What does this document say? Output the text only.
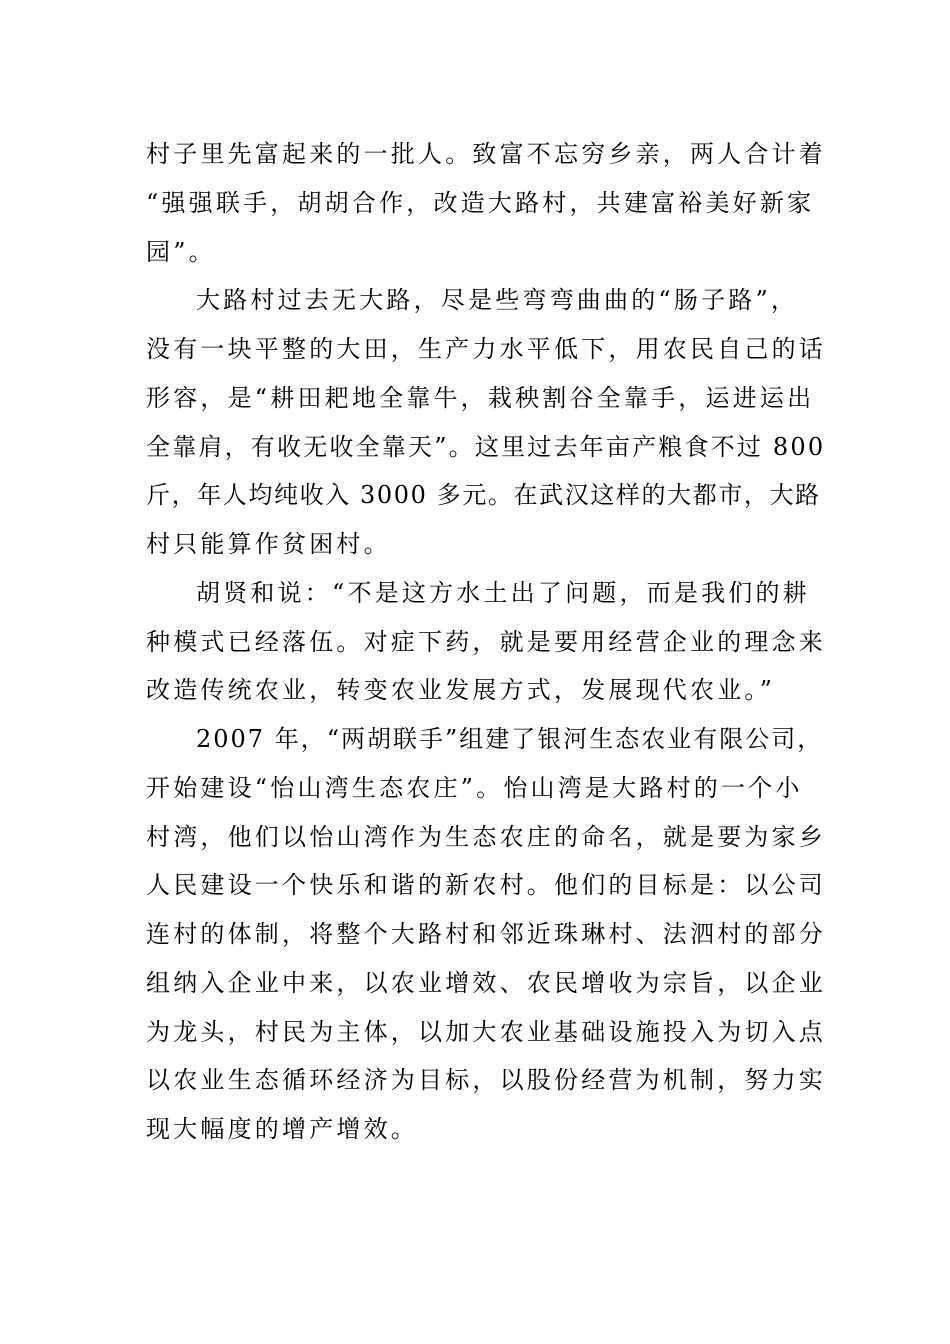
村子里先富起来的一批人。致富不忘穷乡亲，两人合计着
“强强联手，胡胡合作，改造大路村，共建富裕美好新家
园”。
大路村过去无大路，尽是些弯弯曲曲的“肠子路”，
没有一块平整的大田，生产力水平低下，用农民自己的话
形容，是“耕田耙地全靠牛，栽秧割谷全靠手，运进运出
全靠肩，有收无收全靠天”。这里过去年亩产粮食不过 800
斤，年人均纯收入 3000 多元。在武汉这样的大都市，大路
村只能算作贫困村。
胡贤和说：“不是这方水土出了问题，而是我们的耕
种模式已经落伍。对症下药，就是要用经营企业的理念来
改造传统农业，转变农业发展方式，发展现代农业。”
2007 年，“两胡联手”组建了银河生态农业有限公司，
开始建设“怡山湾生态农庄”。怡山湾是大路村的一个小
村湾，他们以怡山湾作为生态农庄的命名，就是要为家乡
人民建设一个快乐和谐的新农村。他们的目标是：以公司
连村的体制，将整个大路村和邻近珠琳村、法泗村的部分
组纳入企业中来，以农业增效、农民增收为宗旨，以企业
为龙头，村民为主体，以加大农业基础设施投入为切入点
以农业生态循环经济为目标，以股份经营为机制，努力实
现大幅度的增产增效。
